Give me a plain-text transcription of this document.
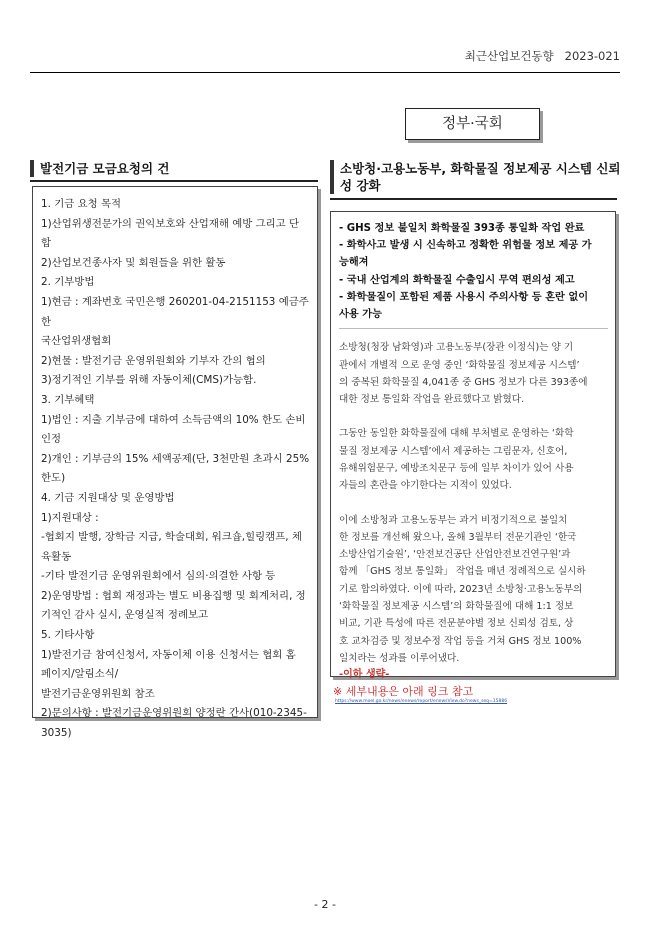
최근산업보건동향 2023-021
정부·국회
발전기금 모금요청의 건

1. 기금 요청 목적

1)산업위생전문가의 권익보호와 산업재해 예방 그리고 단

합

2)산업보건종사자 및 회원들을 위한 활동

2. 기부방법

1)현금 : 계좌번호 국민은행 260201-04-2151153 예금주 한

국산업위생협회

2)현물 : 발전기금 운영위원회와 기부자 간의 협의

3)정기적인 기부를 위해 자동이체(CMS)가능함.

3. 기부혜택

1)법인 : 지출 기부금에 대하여 소득금액의 10% 한도 손비

인정

2)개인 : 기부금의 15% 세액공제(단, 3천만원 초과시 25%

한도)

4. 기금 지원대상 및 운영방법

1)지원대상 :

-협회지 발행, 장학금 지급, 학술대회, 워크숍,힐링캠프, 체

육활동

-기타 발전기금 운영위원회에서 심의·의결한 사항 등

2)운영방법 : 협회 재정과는 별도 비용집행 및 회계처리, 정

기적인 감사 실시, 운영실적 정례보고

5. 기타사항

1)발전기금 참여신청서, 자동이체 이용 신청서는 협회 홈

페이지/알림소식/

발전기금운영위원회 참조

2)문의사항 : 발전기금운영위원회 양정란 간사(010-2345-

3035)

소방청·고용노동부, 화학물질 정보제공 시스템 신뢰
성 강화

- GHS 정보 불일치 화학물질 393종 통일화 작업 완료

- 화학사고 발생 시 신속하고 정확한 위험물 정보 제공 가

능해져

- 국내 산업계의 화학물질 수출입시 무역 편의성 제고

- 화학물질이 포함된 제품 사용시 주의사항 등 혼란 없이

사용 가능

소방청(청장 남화영)과 고용노동부(장관 이정식)는 양 기

관에서 개별적 으로 운영 중인 ‘화학물질 정보제공 시스템’

의 중복된 화학물질 4,041종 중 GHS 정보가 다른 393종에

대한 정보 통일화 작업을 완료했다고 밝혔다.

그동안 동일한 화학물질에 대해 부처별로 운영하는 ‘화학

물질 정보제공 시스템’에서 제공하는 그림문자, 신호어,

유해위험문구, 예방조치문구 등에 일부 차이가 있어 사용

자들의 혼란을 야기한다는 지적이 있었다.

이에 소방청과 고용노동부는 과거 비정기적으로 불일치

한 정보를 개선해 왔으나, 올해 3월부터 전문기관인 ‘한국

소방산업기술원’, ‘안전보건공단 산업안전보건연구원’과

함께 「GHS 정보 통일화」 작업을 매년 정례적으로 실시하

기로 합의하였다. 이에 따라, 2023년 소방청·고용노동부의

‘화학물질 정보제공 시스템’의 화학물질에 대해 1:1 정보

비교, 기관 특성에 따른 전문분야별 정보 신뢰성 검토, 상

호 교차검증 및 정보수정 작업 등을 거쳐 GHS 정보 100%

일치라는 성과를 이루어냈다.

-이하 생략-

※ 세부내용은 아래 링크 참고
https://www.moel.go.kr/news/enews/report/enewsView.do?news_seq=15886
- 2 -
